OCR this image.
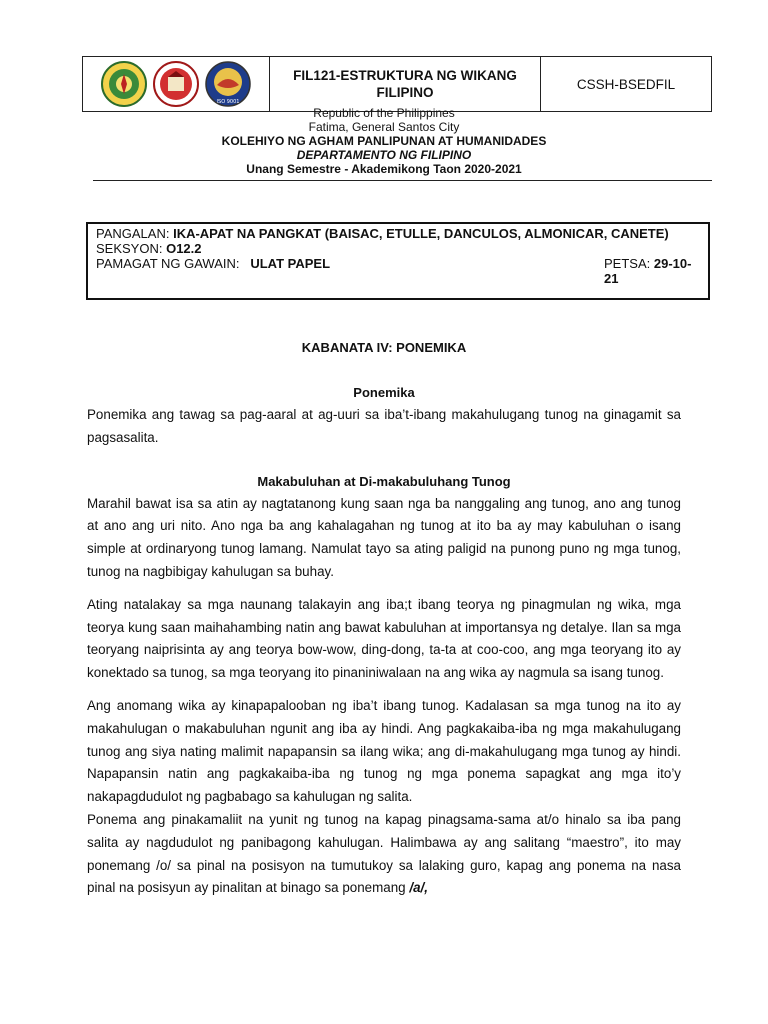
ISO 9001
FIL121-ESTRUKTURA NG WIKANG FILIPINO
CSSH-BSEDFIL
Republic of the Philippines
Fatima, General Santos City
KOLEHIYO NG AGHAM PANLIPUNAN AT HUMANIDADES
DEPARTAMENTO NG FILIPINO
Unang Semestre - Akademikong Taon 2020-2021
PANGALAN: IKA-APAT NA PANGKAT (BAISAC, ETULLE, DANCULOS, ALMONICAR, CANETE)
SEKSYON: O12.2
PAMAGAT NG GAWAIN: ULAT PAPEL	PETSA: 29-10-21
KABANATA IV: PONEMIKA
Ponemika

Ponemika ang tawag sa pag-aaral at ag-uuri sa iba’t-ibang makahulugang tunog na ginagamit sa pagsasalita.

Makabuluhan at Di-makabuluhang Tunog

Marahil bawat isa sa atin ay nagtatanong kung saan nga ba nanggaling ang tunog, ano ang tunog at ano ang uri nito. Ano nga ba ang kahalagahan ng tunog at ito ba ay may kabuluhan o isang simple at ordinaryong tunog lamang. Namulat tayo sa ating paligid na punong puno ng mga tunog, tunog na nagbibigay kahulugan sa buhay.

Ating natalakay sa mga naunang talakayin ang iba;t ibang teorya ng pinagmulan ng wika, mga teorya kung saan maihahambing natin ang bawat kabuluhan at importansya ng detalye. Ilan sa mga teoryang naiprisinta ay ang teorya bow-wow, ding-dong, ta-ta at coo-coo, ang mga teoryang ito ay konektado sa tunog, sa mga teoryang ito pinaniniwalaan na ang wika ay nagmula sa isang tunog.

Ang anomang wika ay kinapapalooban ng iba’t ibang tunog. Kadalasan sa mga tunog na ito ay makahulugan o makabuluhan ngunit ang iba ay hindi. Ang pagkakaiba-iba ng mga makahulugang tunog ang siya nating malimit napapansin sa ilang wika; ang di-makahulugang mga tunog ay hindi. Napapansin natin ang pagkakaiba-iba ng tunog ng mga ponema sapagkat ang mga ito’y nakapagdudulot ng pagbabago sa kahulugan ng salita.

Ponema ang pinakamaliit na yunit ng tunog na kapag pinagsama-sama at/o hinalo sa iba pang salita ay nagdudulot ng panibagong kahulugan. Halimbawa ay ang salitang “maestro”, ito may ponemang /o/ sa pinal na posisyon na tumutukoy sa lalaking guro, kapag ang ponema na nasa pinal na posisyun ay pinalitan at binago sa ponemang /a/,
